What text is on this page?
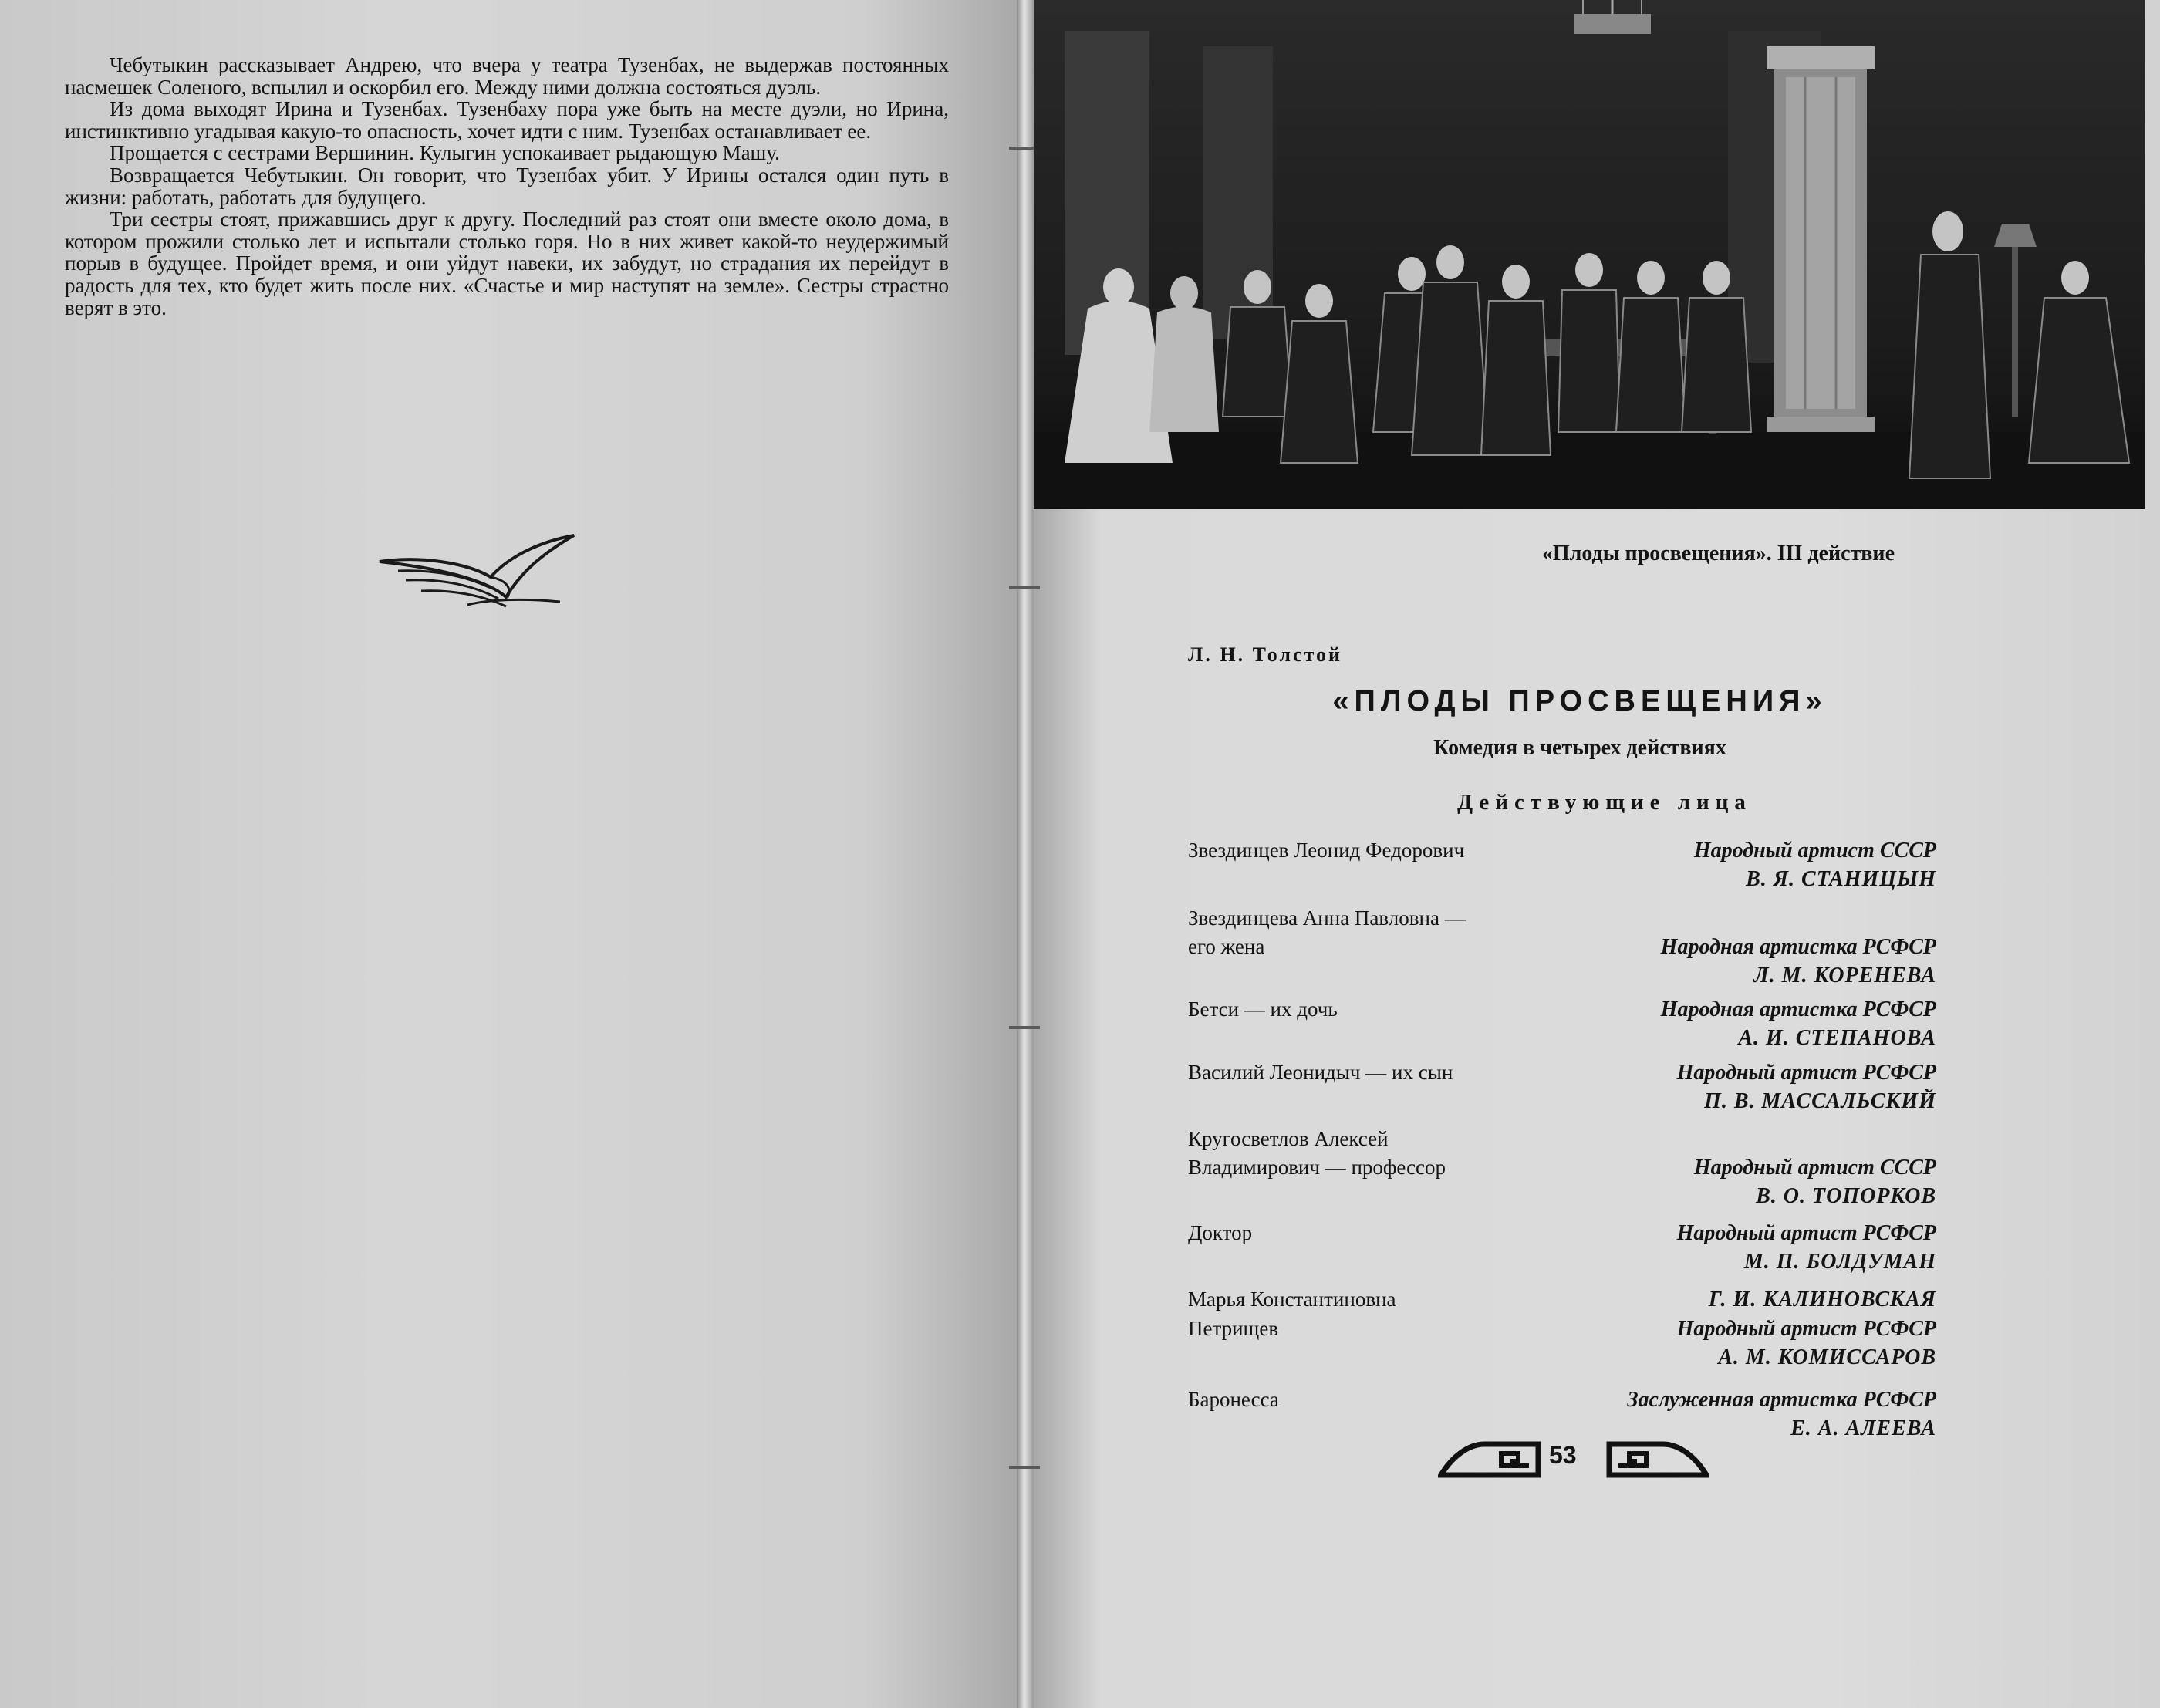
Чебутыкин рассказывает Андрею, что вчера у театра Тузенбах, не выдержав постоянных насмешек Соленого, вспылил и оскорбил его. Между ними должна состояться дуэль.

Из дома выходят Ирина и Тузенбах. Тузенбаху пора уже быть на месте дуэли, но Ирина, инстинктивно угадывая какую-то опасность, хочет идти с ним. Тузенбах останавливает ее.

Прощается с сестрами Вершинин. Кулыгин успокаивает рыдающую Машу.

Возвращается Чебутыкин. Он говорит, что Тузенбах убит. У Ирины остался один путь в жизни: работать, работать для будущего.

Три сестры стоят, прижавшись друг к другу. Последний раз стоят они вместе около дома, в котором прожили столько лет и испытали столько горя. Но в них живет какой-то неудержимый порыв в будущее. Пройдет время, и они уйдут навеки, их забудут, но страдания их перейдут в радость для тех, кто будет жить после них. «Счастье и мир наступят на земле». Сестры страстно верят в это.

«Плоды просвещения». III действие
Л. Н. Толстой
«ПЛОДЫ ПРОСВЕЩЕНИЯ»
Комедия в четырех действиях
Действующие лица
Звездинцев Леонид Федорович	Народный артист СССР
В. Я. СТАНИЦЫН
Звездинцева Анна Павловна —
его жена	Народная артистка РСФСР
Л. М. КОРЕНЕВА
Бетси — их дочь	Народная артистка РСФСР
А. И. СТЕПАНОВА
Василий Леонидыч — их сын	Народный артист РСФСР
П. В. МАССАЛЬСКИЙ
Кругосветлов Алексей
Владимирович — профессор	Народный артист СССР
В. О. ТОПОРКОВ
Доктор	Народный артист РСФСР
М. П. БОЛДУМАН
Марья Константиновна	Г. И. КАЛИНОВСКАЯ
Петрищев	Народный артист РСФСР
А. М. КОМИССАРОВ
Баронесса	Заслуженная артистка РСФСР
Е. А. АЛЕЕВА
53
